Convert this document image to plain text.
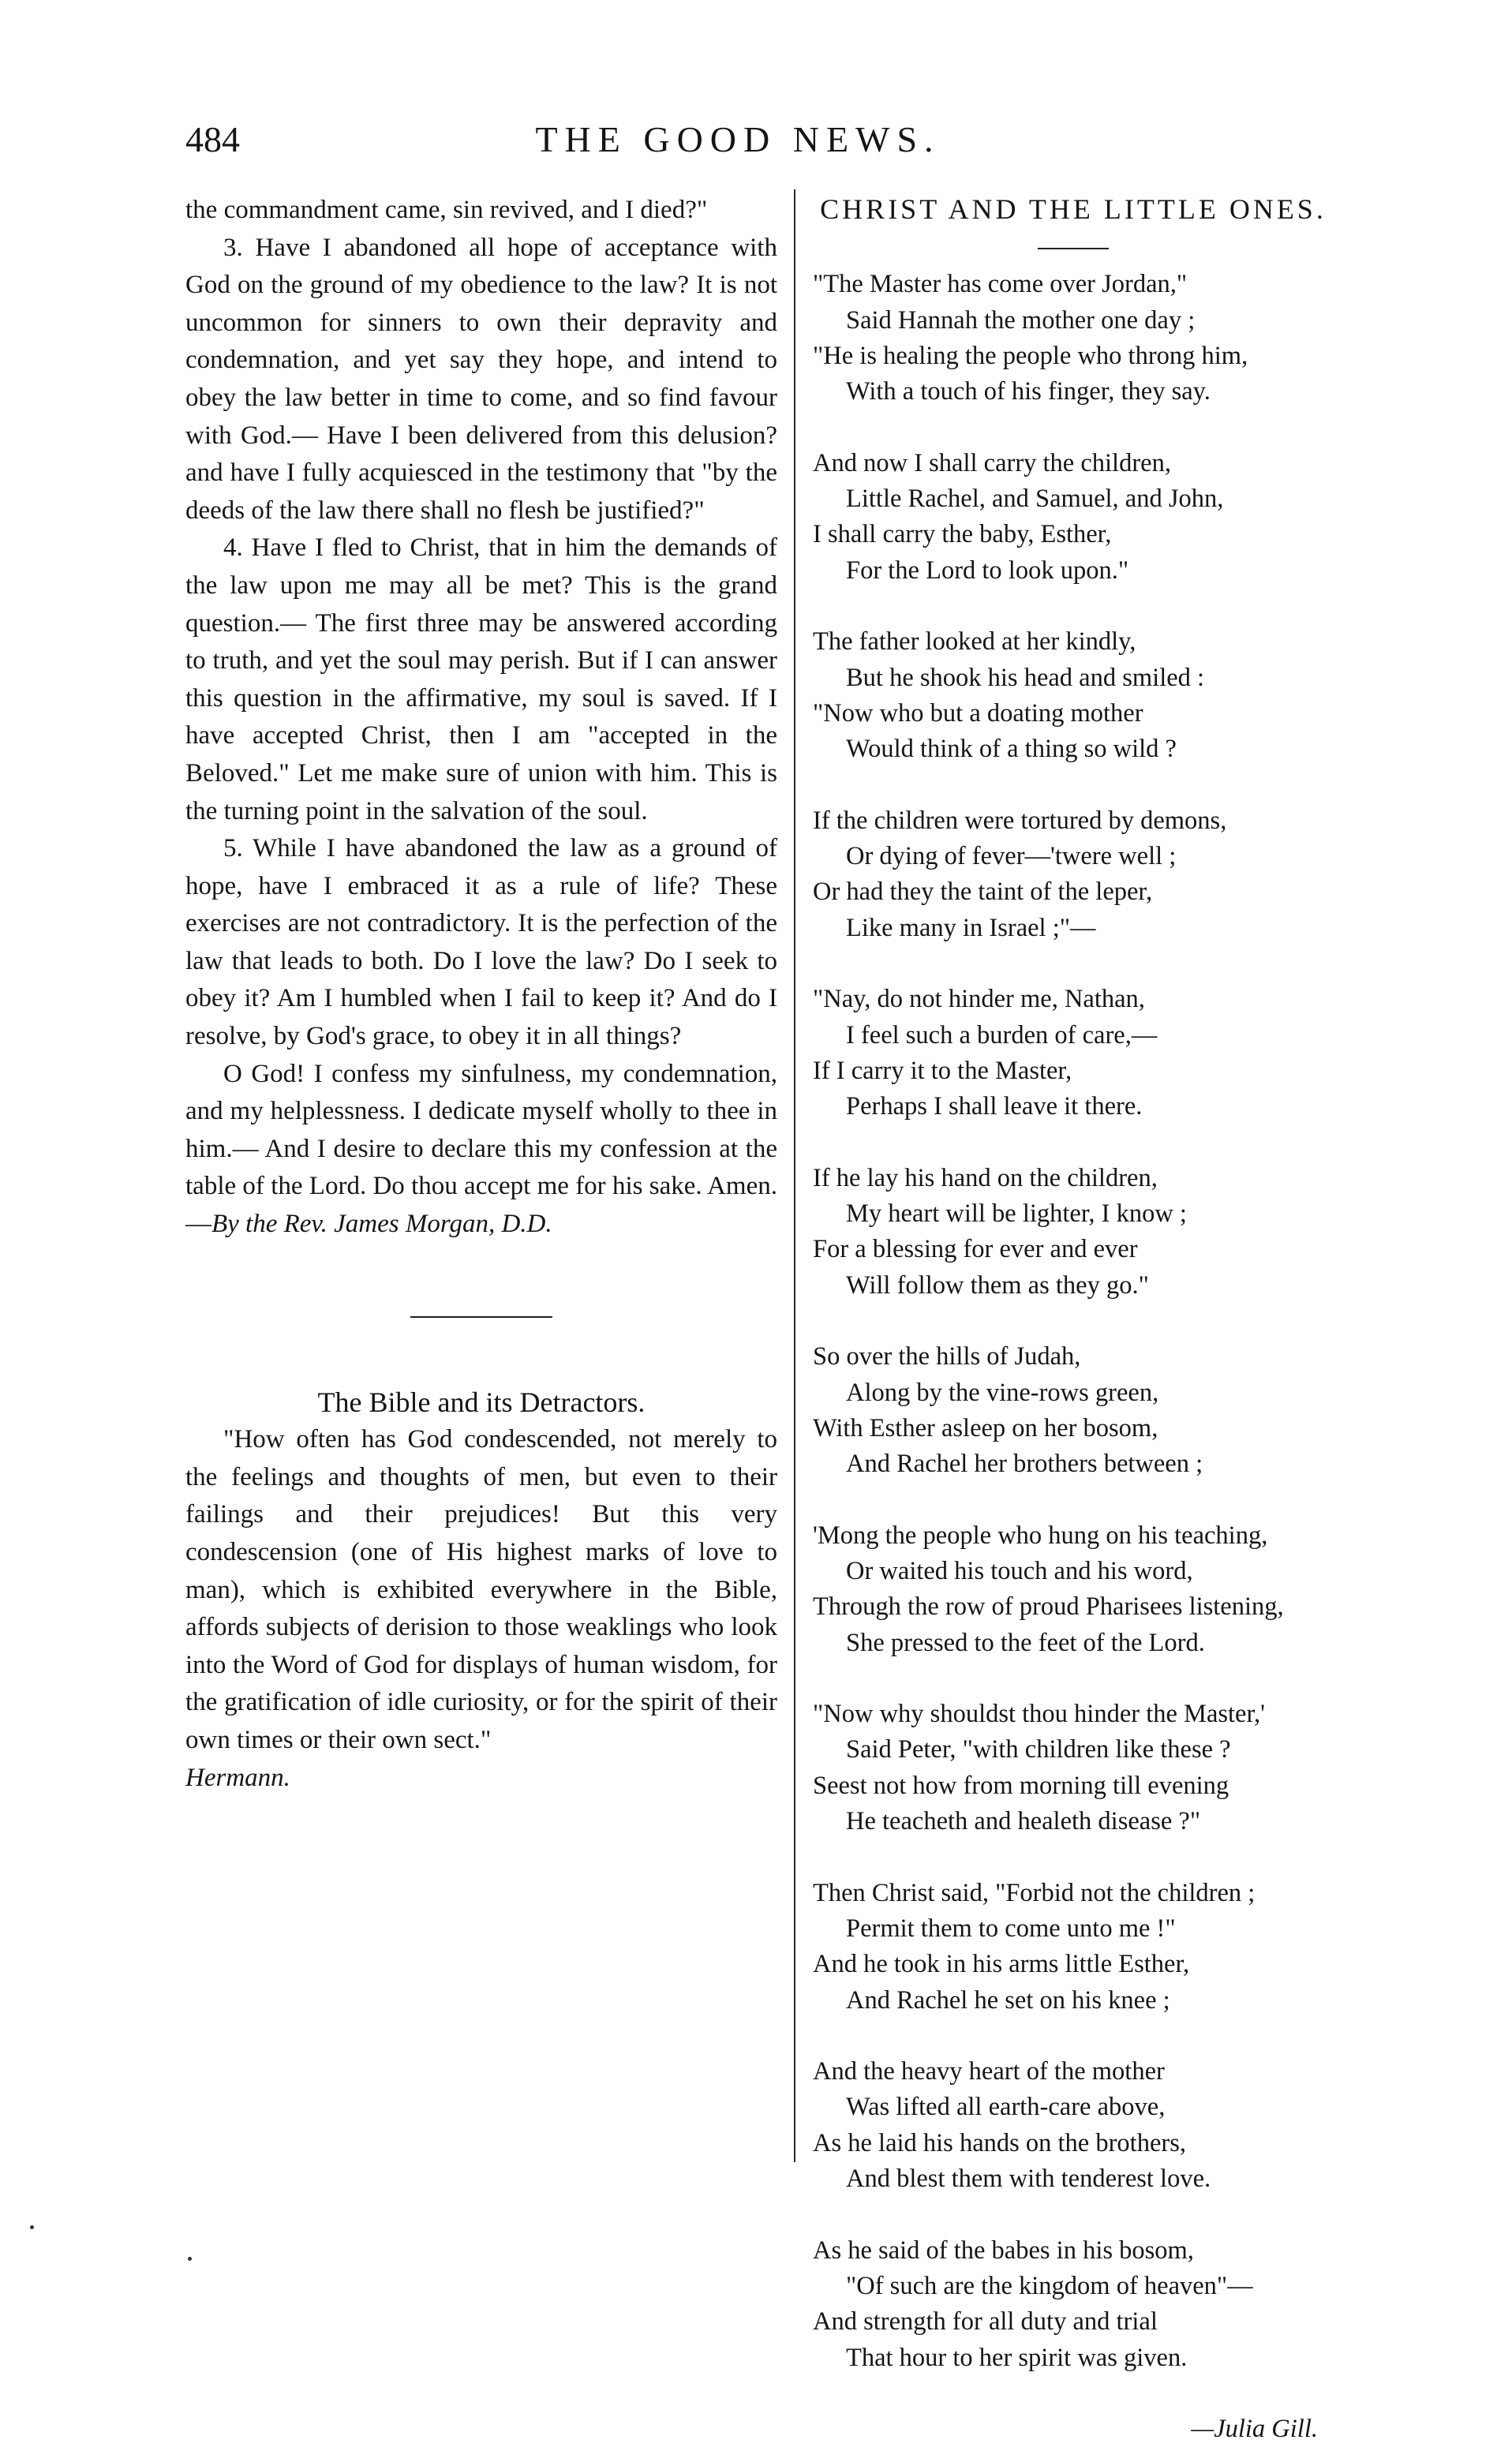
484	THE GOOD NEWS.

the commandment came, sin revived, and I died?"

3. Have I abandoned all hope of acceptance with God on the ground of my obedience to the law? It is not uncommon for sinners to own their depravity and condemnation, and yet say they hope, and intend to obey the law better in time to come, and so find favour with God.— Have I been delivered from this delusion? and have I fully acquiesced in the testimony that "by the deeds of the law there shall no flesh be justified?"

4. Have I fled to Christ, that in him the demands of the law upon me may all be met? This is the grand question.— The first three may be answered according to truth, and yet the soul may perish. But if I can answer this question in the affirmative, my soul is saved. If I have accepted Christ, then I am "accepted in the Beloved." Let me make sure of union with him. This is the turning point in the salvation of the soul.

5. While I have abandoned the law as a ground of hope, have I embraced it as a rule of life? These exercises are not contradictory. It is the perfection of the law that leads to both. Do I love the law? Do I seek to obey it? Am I humbled when I fail to keep it? And do I resolve, by God's grace, to obey it in all things?

O God! I confess my sinfulness, my condemnation, and my helplessness. I dedicate myself wholly to thee in him.— And I desire to declare this my confession at the table of the Lord. Do thou accept me for his sake. Amen.—By the Rev. James Morgan, D.D.

The Bible and its Detractors.

"How often has God condescended, not merely to the feelings and thoughts of men, but even to their failings and their prejudices! But this very condescension (one of His highest marks of love to man), which is exhibited everywhere in the Bible, affords subjects of derision to those weaklings who look into the Word of God for displays of human wisdom, for the gratification of idle curiosity, or for the spirit of their own times or their own sect."

Hermann.

CHRIST AND THE LITTLE ONES.

"The Master has come over Jordan,"
Said Hannah the mother one day ;
"He is healing the people who throng him,
With a touch of his finger, they say.
And now I shall carry the children,
Little Rachel, and Samuel, and John,
I shall carry the baby, Esther,
For the Lord to look upon."
The father looked at her kindly,
But he shook his head and smiled :
"Now who but a doating mother
Would think of a thing so wild ?
If the children were tortured by demons,
Or dying of fever—'twere well ;
Or had they the taint of the leper,
Like many in Israel ;"—
"Nay, do not hinder me, Nathan,
I feel such a burden of care,—
If I carry it to the Master,
Perhaps I shall leave it there.
If he lay his hand on the children,
My heart will be lighter, I know ;
For a blessing for ever and ever
Will follow them as they go."
So over the hills of Judah,
Along by the vine-rows green,
With Esther asleep on her bosom,
And Rachel her brothers between ;
'Mong the people who hung on his teaching,
Or waited his touch and his word,
Through the row of proud Pharisees listening,
She pressed to the feet of the Lord.
"Now why shouldst thou hinder the Master,'
Said Peter, "with children like these ?
Seest not how from morning till evening
He teacheth and healeth disease ?"
Then Christ said, "Forbid not the children ;
Permit them to come unto me !"
And he took in his arms little Esther,
And Rachel he set on his knee ;
And the heavy heart of the mother
Was lifted all earth-care above,
As he laid his hands on the brothers,
And blest them with tenderest love.
As he said of the babes in his bosom,
"Of such are the kingdom of heaven"—
And strength for all duty and trial
That hour to her spirit was given.
—Julia Gill.
